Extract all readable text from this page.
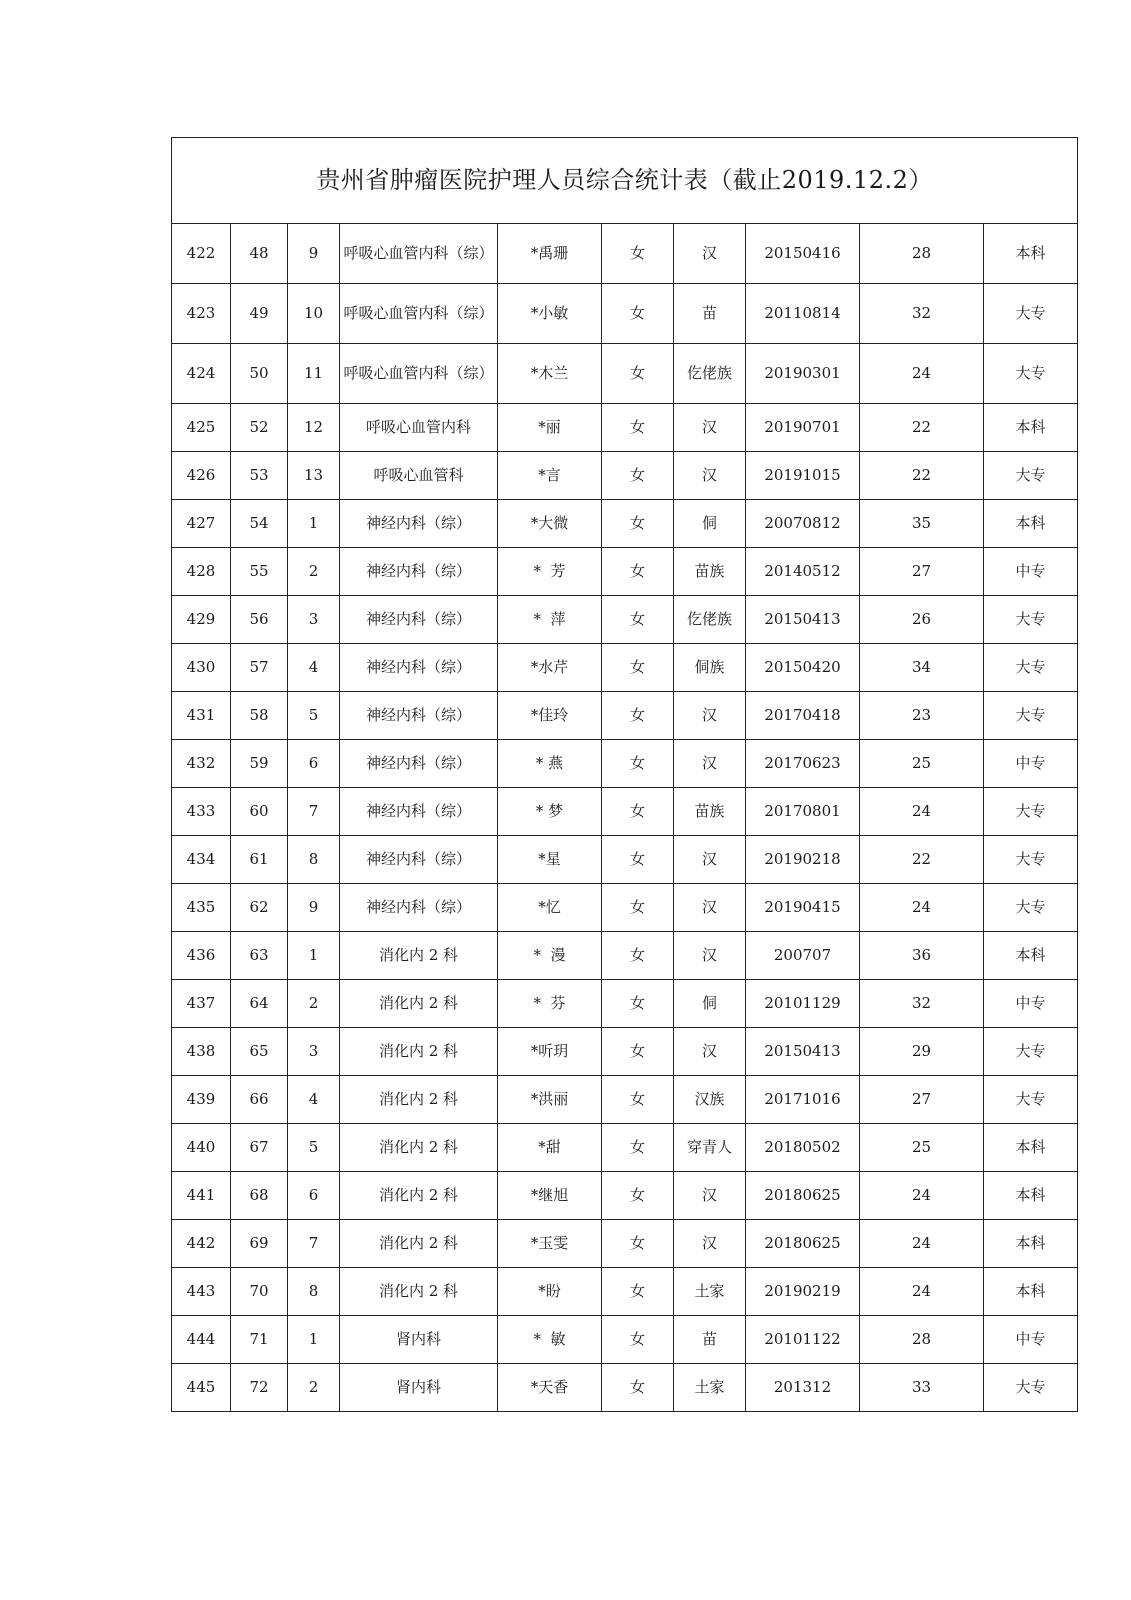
贵州省肿瘤医院护理人员综合统计表（截止2019.12.2）									
422	48	9	呼吸心血管内科（综）	*禹珊	女	汉	20150416	28	本科
423	49	10	呼吸心血管内科（综）	*小敏	女	苗	20110814	32	大专
424	50	11	呼吸心血管内科（综）	*木兰	女	仡佬族	20190301	24	大专
425	52	12	呼吸心血管内科	*丽	女	汉	20190701	22	本科
426	53	13	呼吸心血管科	*言	女	汉	20191015	22	大专
427	54	1	神经内科（综）	*大微	女	侗	20070812	35	本科
428	55	2	神经内科（综）	*  芳	女	苗族	20140512	27	中专
429	56	3	神经内科（综）	*  萍	女	仡佬族	20150413	26	大专
430	57	4	神经内科（综）	*水芹	女	侗族	20150420	34	大专
431	58	5	神经内科（综）	*佳玲	女	汉	20170418	23	大专
432	59	6	神经内科（综）	* 燕	女	汉	20170623	25	中专
433	60	7	神经内科（综）	* 梦	女	苗族	20170801	24	大专
434	61	8	神经内科（综）	*星	女	汉	20190218	22	大专
435	62	9	神经内科（综）	*忆	女	汉	20190415	24	大专
436	63	1	消化内 2 科	*  漫	女	汉	200707	36	本科
437	64	2	消化内 2 科	*  芬	女	侗	20101129	32	中专
438	65	3	消化内 2 科	*听玥	女	汉	20150413	29	大专
439	66	4	消化内 2 科	*洪丽	女	汉族	20171016	27	大专
440	67	5	消化内 2 科	*甜	女	穿青人	20180502	25	本科
441	68	6	消化内 2 科	*继旭	女	汉	20180625	24	本科
442	69	7	消化内 2 科	*玉雯	女	汉	20180625	24	本科
443	70	8	消化内 2 科	*盼	女	土家	20190219	24	本科
444	71	1	肾内科	*  敏	女	苗	20101122	28	中专
445	72	2	肾内科	*天香	女	土家	201312	33	大专
